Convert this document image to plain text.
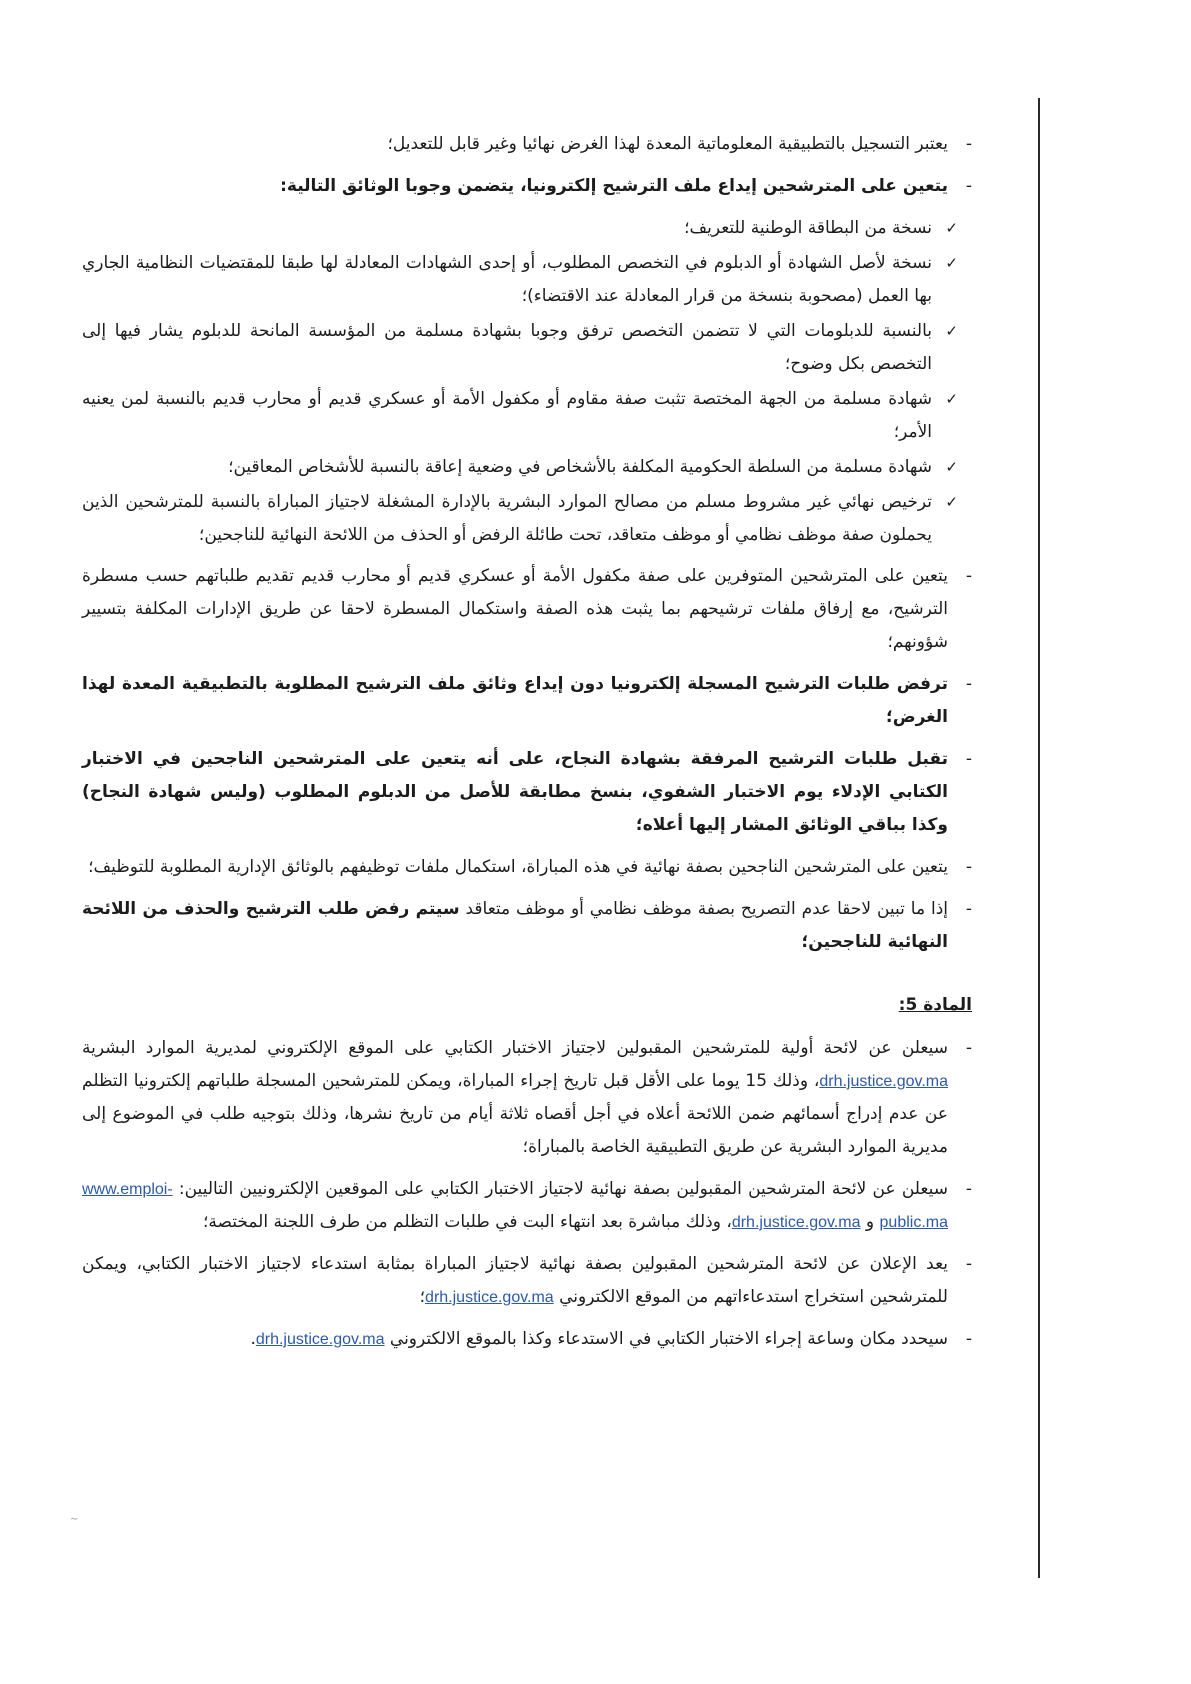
-
يعتبر التسجيل بالتطبيقية المعلوماتية المعدة لهذا الغرض نهائيا وغير قابل للتعديل؛
-
يتعين على المترشحين إيداع ملف الترشيح إلكترونيا، يتضمن وجوبا الوثائق التالية:
✓
نسخة من البطاقة الوطنية للتعريف؛
✓
نسخة لأصل الشهادة أو الدبلوم في التخصص المطلوب، أو إحدى الشهادات المعادلة لها طبقا للمقتضيات النظامية الجاري بها العمل (مصحوبة بنسخة من قرار المعادلة عند الاقتضاء)؛
✓
بالنسبة للدبلومات التي لا تتضمن التخصص ترفق وجوبا بشهادة مسلمة من المؤسسة المانحة للدبلوم يشار فيها إلى التخصص بكل وضوح؛
✓
شهادة مسلمة من الجهة المختصة تثبت صفة مقاوم أو مكفول الأمة أو عسكري قديم أو محارب قديم بالنسبة لمن يعنيه الأمر؛
✓
شهادة مسلمة من السلطة الحكومية المكلفة بالأشخاص في وضعية إعاقة بالنسبة للأشخاص المعاقين؛
✓
ترخيص نهائي غير مشروط مسلم من مصالح الموارد البشرية بالإدارة المشغلة لاجتياز المباراة بالنسبة للمترشحين الذين يحملون صفة موظف نظامي أو موظف متعاقد، تحت طائلة الرفض أو الحذف من اللائحة النهائية للناجحين؛
-
يتعين على المترشحين المتوفرين على صفة مكفول الأمة أو عسكري قديم أو محارب قديم تقديم طلباتهم حسب مسطرة الترشيح، مع إرفاق ملفات ترشيحهم بما يثبت هذه الصفة واستكمال المسطرة لاحقا عن طريق الإدارات المكلفة بتسيير شؤونهم؛
-
ترفض طلبات الترشيح المسجلة إلكترونيا دون إيداع وثائق ملف الترشيح المطلوبة بالتطبيقية المعدة لهذا الغرض؛
-
تقبل طلبات الترشيح المرفقة بشهادة النجاح، على أنه يتعين على المترشحين الناجحين في الاختبار الكتابي الإدلاء يوم الاختبار الشفوي، بنسخ مطابقة للأصل من الدبلوم المطلوب (وليس شهادة النجاح) وكذا بباقي الوثائق المشار إليها أعلاه؛
-
يتعين على المترشحين الناجحين بصفة نهائية في هذه المباراة، استكمال ملفات توظيفهم بالوثائق الإدارية المطلوبة للتوظيف؛
-
إذا ما تبين لاحقا عدم التصريح بصفة موظف نظامي أو موظف متعاقد سيتم رفض طلب الترشيح والحذف من اللائحة النهائية للناجحين؛
المادة 5:
-
سيعلن عن لائحة أولية للمترشحين المقبولين لاجتياز الاختبار الكتابي على الموقع الإلكتروني لمديرية الموارد البشرية drh.justice.gov.ma، وذلك 15 يوما على الأقل قبل تاريخ إجراء المباراة، ويمكن للمترشحين المسجلة طلباتهم إلكترونيا التظلم عن عدم إدراج أسمائهم ضمن اللائحة أعلاه في أجل أقصاه ثلاثة أيام من تاريخ نشرها، وذلك بتوجيه طلب في الموضوع إلى مديرية الموارد البشرية عن طريق التطبيقية الخاصة بالمباراة؛
-
سيعلن عن لائحة المترشحين المقبولين بصفة نهائية لاجتياز الاختبار الكتابي على الموقعين الإلكترونيين التاليين: www.emploi-public.ma و drh.justice.gov.ma، وذلك مباشرة بعد انتهاء البت في طلبات التظلم من طرف اللجنة المختصة؛
-
يعد الإعلان عن لائحة المترشحين المقبولين بصفة نهائية لاجتياز المباراة بمثابة استدعاء لاجتياز الاختبار الكتابي، ويمكن للمترشحين استخراج استدعاءاتهم من الموقع الالكتروني drh.justice.gov.ma؛
-
سيحدد مكان وساعة إجراء الاختبار الكتابي في الاستدعاء وكذا بالموقع الالكتروني drh.justice.gov.ma.
~
